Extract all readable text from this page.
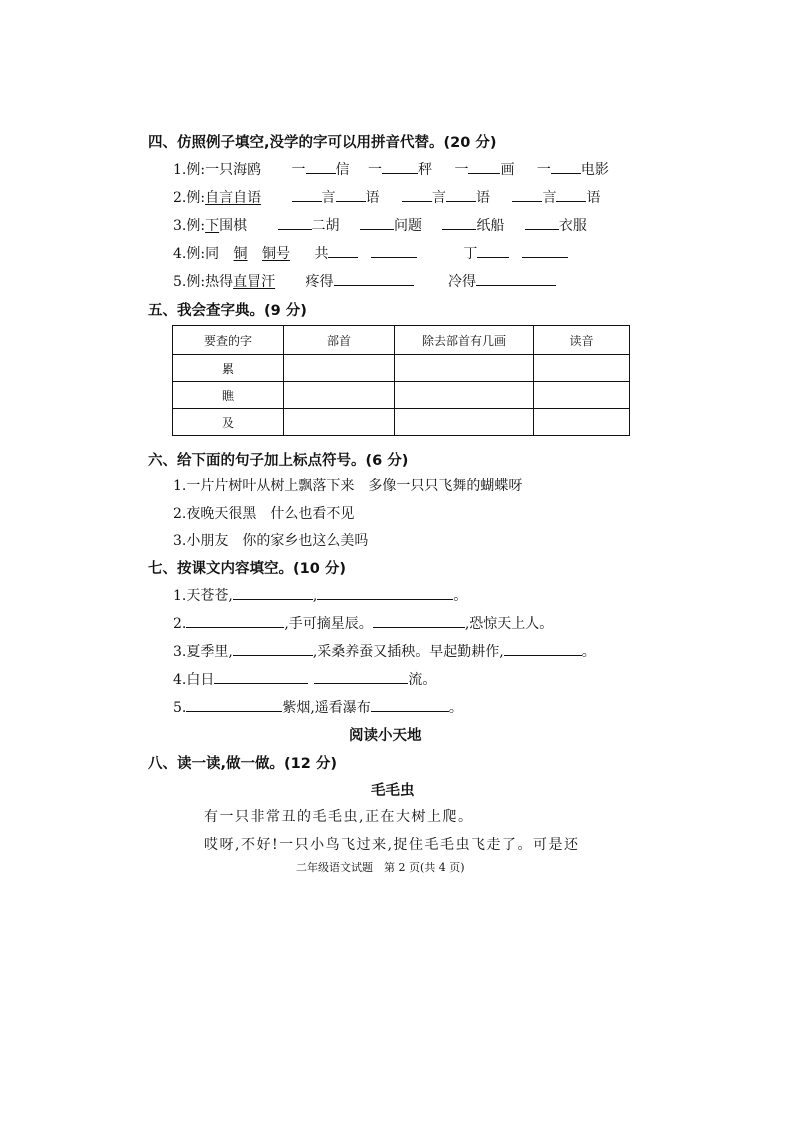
四、仿照例子填空,没学的字可以用拼音代替。(20 分)
1.例:一只海鸥 一 信 一	秤 一 画 一 电影
2.例:自言自语	言 语	言 语	言 语
3.例:下围棋	二胡	问题	纸船	衣服
4.例:同 铜 铜号 共	丁
5.例:热得直冒汗 疼得	冷得
五、我会查字典。(9 分)
要查的字	部首	除去部首有几画	读音
累			
瞧			
及			
六、给下面的句子加上标点符号。(6 分)
1.一片片树叶从树上飘落下来　多像一只只飞舞的蝴蝶呀
2.夜晚天很黑　什么也看不见
3.小朋友　你的家乡也这么美吗
七、按课文内容填空。(10 分)
1.天苍苍,	,	。
2.	,手可摘星辰。	,恐惊天上人。
3.夏季里,	,采桑养蚕又插秧。早起勤耕作,	。
4.白日	流。
5.	紫烟,遥看瀑布	。
阅读小天地
八、读一读,做一做。(12 分)
毛毛虫
有一只非常丑的毛毛虫,正在大树上爬。
哎呀,不好!一只小鸟飞过来,捉住毛毛虫飞走了。可是还
二年级语文试题　第 2 页(共 4 页)
